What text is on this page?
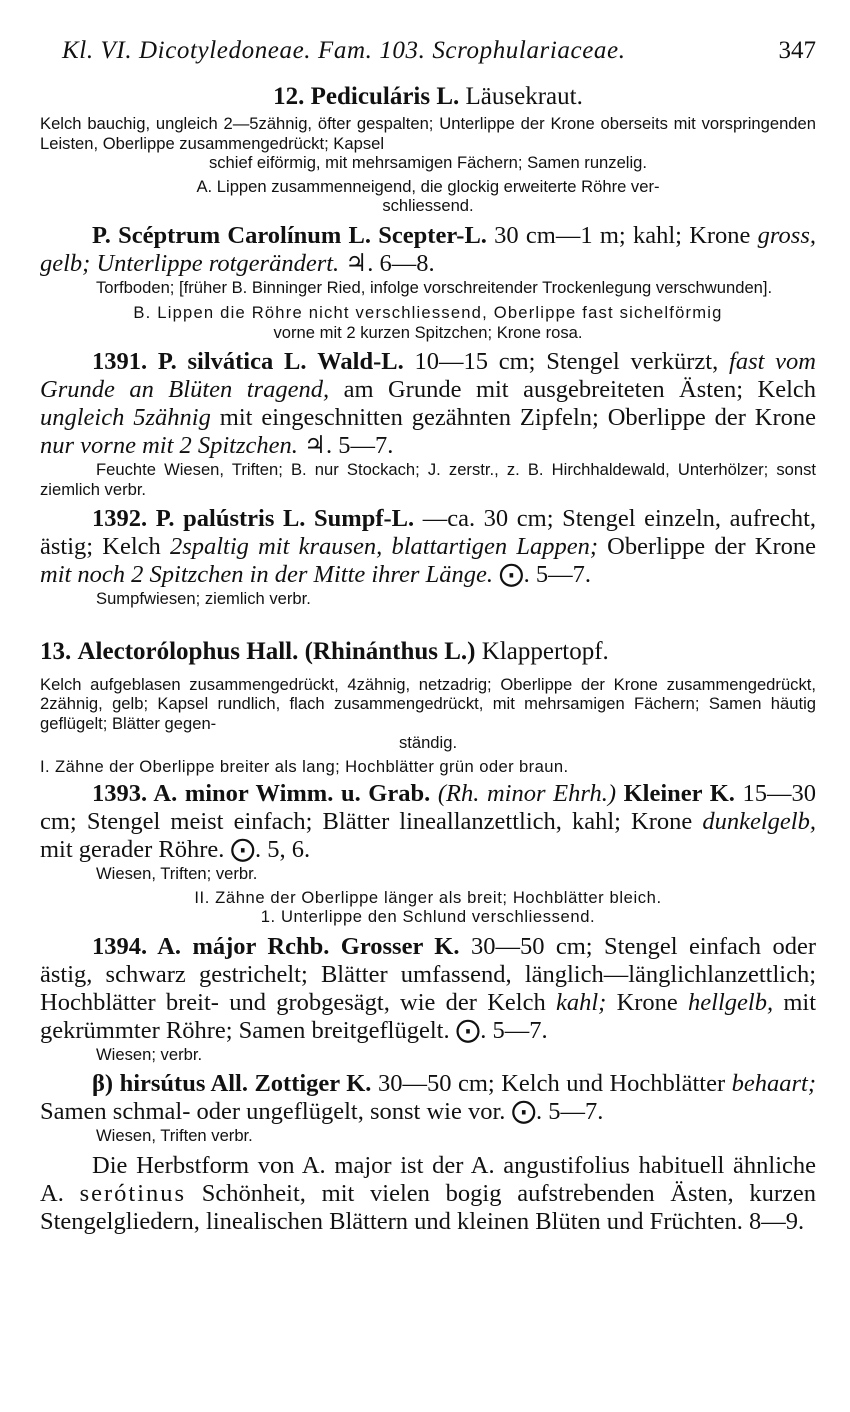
Kl. VI. Dicotyledoneae. Fam. 103. Scrophulariaceae.	347
12. Pediculáris L. Läusekraut.
Kelch bauchig, ungleich 2—5zähnig, öfter gespalten; Unterlippe der Krone oberseits mit vorspringenden Leisten, Oberlippe zusammengedrückt; Kapsel
schief eiförmig, mit mehrsamigen Fächern; Samen runzelig.
A. Lippen zusammenneigend, die glockig erweiterte Röhre ver-
schliessend.
P. Scéptrum Carolínum L. Scepter-L. 30 cm—1 m; kahl; Krone gross, gelb; Unterlippe rotgerändert. ♃. 6—8.
Torfboden; [früher B. Binninger Ried, infolge vorschreitender Trockenlegung verschwunden].
B. Lippen die Röhre nicht verschliessend, Oberlippe fast sichelförmig
vorne mit 2 kurzen Spitzchen; Krone rosa.
1391. P. silvática L. Wald-L. 10—15 cm; Stengel verkürzt, fast vom Grunde an Blüten tragend, am Grunde mit ausgebreiteten Ästen; Kelch ungleich 5zähnig mit eingeschnitten gezähnten Zipfeln; Oberlippe der Krone nur vorne mit 2 Spitzchen. ♃. 5—7.
Feuchte Wiesen, Triften; B. nur Stockach; J. zerstr., z. B. Hirchhaldewald, Unterhölzer; sonst ziemlich verbr.
1392. P. palústris L. Sumpf-L. —ca. 30 cm; Stengel einzeln, aufrecht, ästig; Kelch 2spaltig mit krausen, blattartigen Lappen; Oberlippe der Krone mit noch 2 Spitzchen in der Mitte ihrer Länge. ⨀. 5—7.
Sumpfwiesen; ziemlich verbr.
13. Alectorólophus Hall. (Rhinánthus L.) Klappertopf.
Kelch aufgeblasen zusammengedrückt, 4zähnig, netzadrig; Oberlippe der Krone zusammengedrückt, 2zähnig, gelb; Kapsel rundlich, flach zusammengedrückt, mit mehrsamigen Fächern; Samen häutig geflügelt; Blätter gegen-
ständig.
I. Zähne der Oberlippe breiter als lang; Hochblätter grün oder braun.
1393. A. minor Wimm. u. Grab. (Rh. minor Ehrh.) Kleiner K. 15—30 cm; Stengel meist einfach; Blätter lineallanzettlich, kahl; Krone dunkelgelb, mit gerader Röhre. ⨀. 5, 6.
Wiesen, Triften; verbr.
II. Zähne der Oberlippe länger als breit; Hochblätter bleich.
1. Unterlippe den Schlund verschliessend.
1394. A. májor Rchb. Grosser K. 30—50 cm; Stengel einfach oder ästig, schwarz gestrichelt; Blätter umfassend, länglich—länglichlanzettlich; Hochblätter breit- und grobgesägt, wie der Kelch kahl; Krone hellgelb, mit gekrümmter Röhre; Samen breitgeflügelt. ⨀. 5—7.
Wiesen; verbr.
β) hirsútus All. Zottiger K. 30—50 cm; Kelch und Hochblätter behaart; Samen schmal- oder ungeflügelt, sonst wie vor. ⨀. 5—7.
Wiesen, Triften verbr.
Die Herbstform von A. major ist der A. angustifolius habituell ähnliche A. serótinus Schönheit, mit vielen bogig aufstrebenden Ästen, kurzen Stengelgliedern, linealischen Blättern und kleinen Blüten und Früchten. 8—9.
